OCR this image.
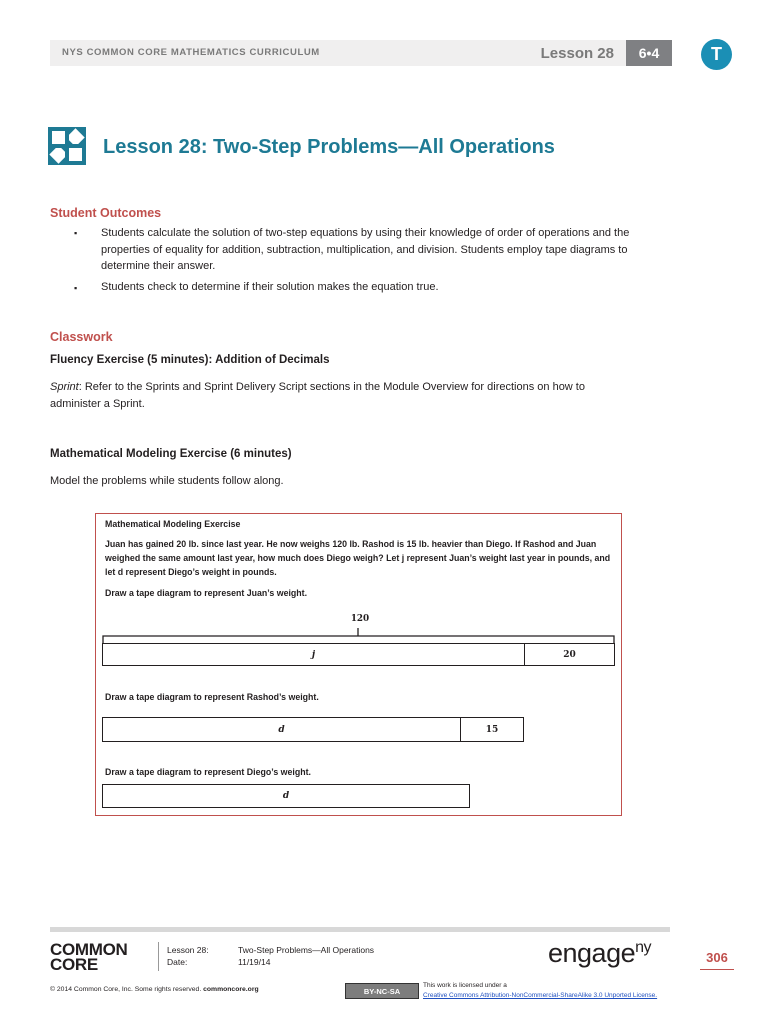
NYS COMMON CORE MATHEMATICS CURRICULUM	Lesson 28	6•4	T
Lesson 28: Two-Step Problems—All Operations
Student Outcomes
▪ Students calculate the solution of two-step equations by using their knowledge of order of operations and the
properties of equality for addition, subtraction, multiplication, and division. Students employ tape diagrams to
determine their answer.
▪ Students check to determine if their solution makes the equation true.
Classwork
Fluency Exercise (5 minutes): Addition of Decimals
Sprint: Refer to the Sprints and Sprint Delivery Script sections in the Module Overview for directions on how to
administer a Sprint.
Mathematical Modeling Exercise (6 minutes)
Model the problems while students follow along.
Mathematical Modeling Exercise
Juan has gained 20 lb. since last year. He now weighs 120 lb. Rashod is 15 lb. heavier than Diego. If Rashod and Juan
weighed the same amount last year, how much does Diego weigh? Let j represent Juan’s weight last year in pounds, and
let d represent Diego’s weight in pounds.
Draw a tape diagram to represent Juan’s weight.
120
j	20
Draw a tape diagram to represent Rashod’s weight.
d	15
Draw a tape diagram to represent Diego’s weight.
d
COMMON
CORE
Lesson 28:
Date:
Two-Step Problems—All Operations
11/19/14
© 2014 Common Core, Inc. Some rights reserved. commoncore.org
engage$^{ny}$
306
BY-NC-SA
This work is licensed under a
Creative Commons Attribution-NonCommercial-ShareAlike 3.0 Unported License.
